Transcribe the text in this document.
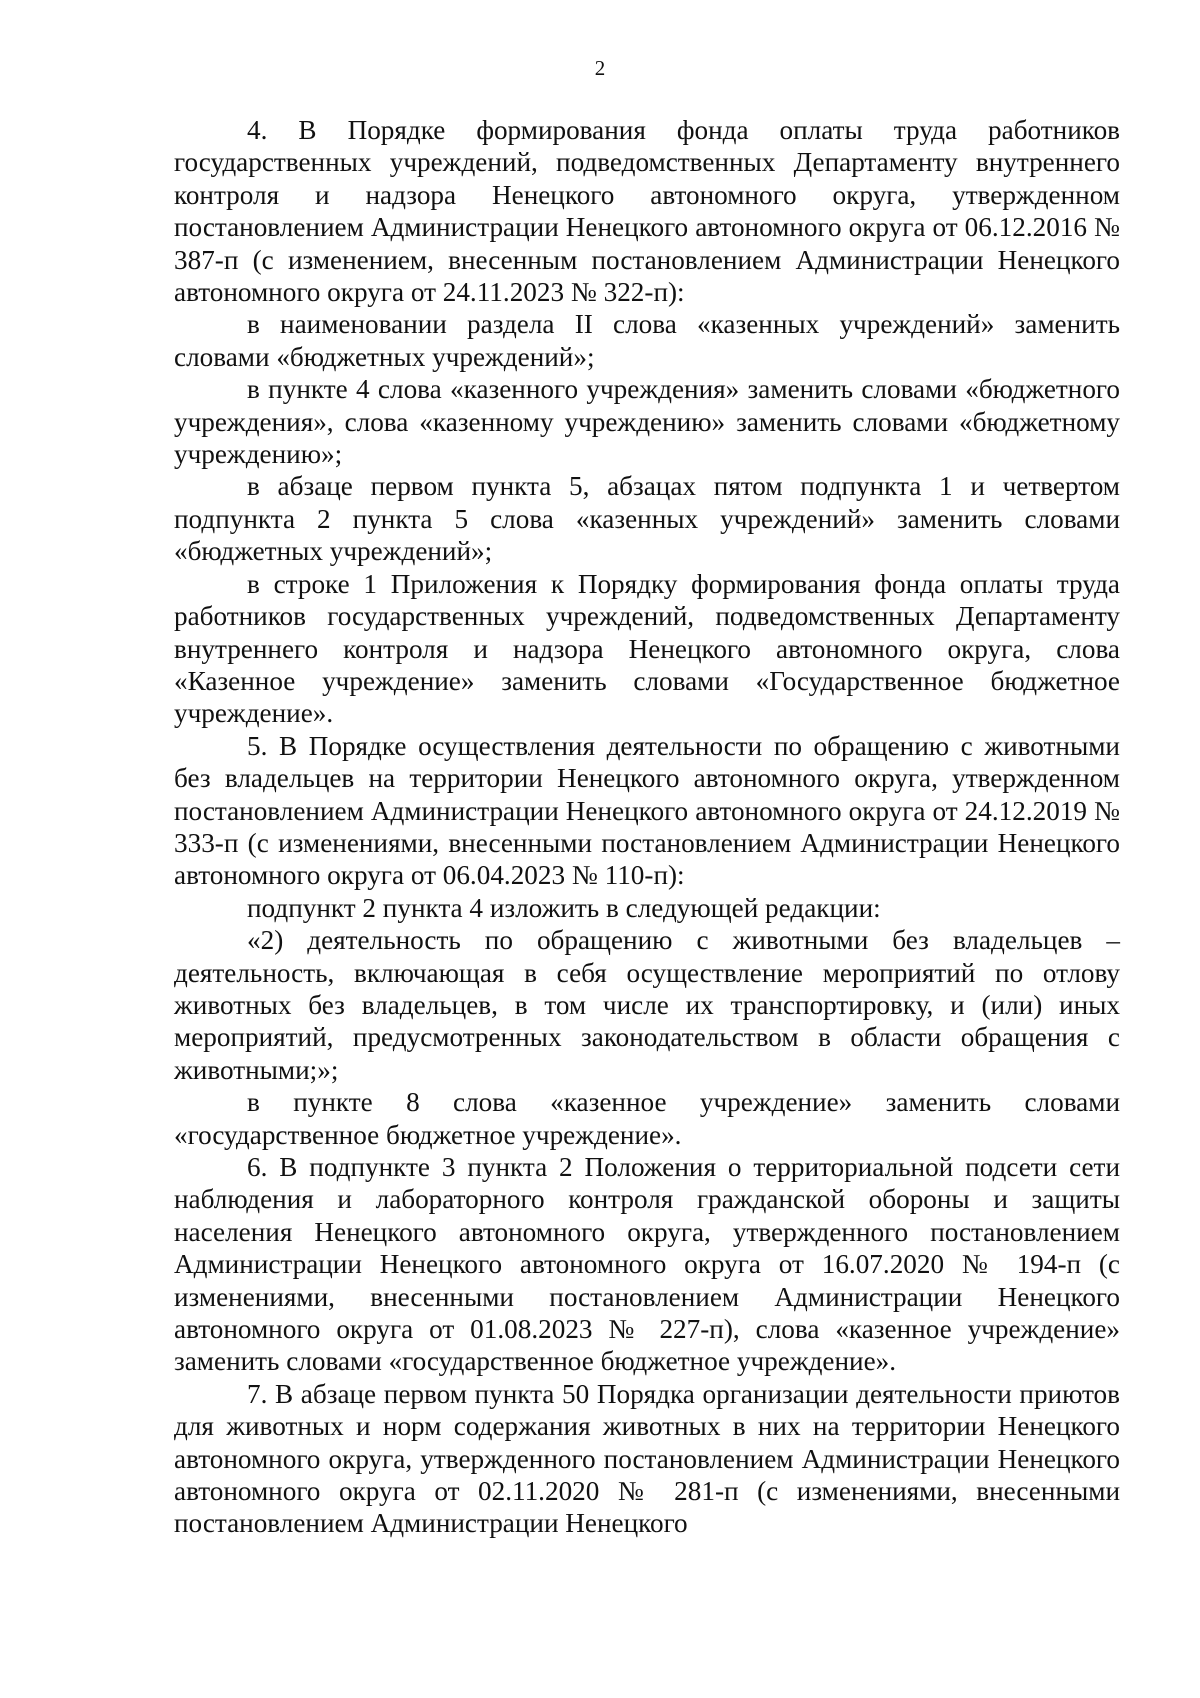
2

4. В Порядке формирования фонда оплаты труда работников государственных учреждений, подведомственных Департаменту внутреннего контроля и надзора Ненецкого автономного округа, утвержденном постановлением Администрации Ненецкого автономного округа от 06.12.2016 № 387-п (с изменением, внесенным постановлением Администрации Ненецкого автономного округа от 24.11.2023 № 322-п):

в наименовании раздела II слова «казенных учреждений» заменить словами «бюджетных учреждений»;

в пункте 4 слова «казенного учреждения» заменить словами «бюджетного учреждения», слова «казенному учреждению» заменить словами «бюджетному учреждению»;

в абзаце первом пункта 5, абзацах пятом подпункта 1 и четвертом подпункта 2 пункта 5 слова «казенных учреждений» заменить словами «бюджетных учреждений»;

в строке 1 Приложения к Порядку формирования фонда оплаты труда работников государственных учреждений, подведомственных Департаменту внутреннего контроля и надзора Ненецкого автономного округа, слова «Казенное учреждение» заменить словами «Государственное бюджетное учреждение».

5. В Порядке осуществления деятельности по обращению с животными без владельцев на территории Ненецкого автономного округа, утвержденном постановлением Администрации Ненецкого автономного округа от 24.12.2019 № 333-п (с изменениями, внесенными постановлением Администрации Ненецкого автономного округа от 06.04.2023 № 110-п):

подпункт 2 пункта 4 изложить в следующей редакции:

«2) деятельность по обращению с животными без владельцев – деятельность, включающая в себя осуществление мероприятий по отлову животных без владельцев, в том числе их транспортировку, и (или) иных мероприятий, предусмотренных законодательством в области обращения с животными;»;

в пункте 8 слова «казенное учреждение» заменить словами «государственное бюджетное учреждение».

6. В подпункте 3 пункта 2 Положения о территориальной подсети сети наблюдения и лабораторного контроля гражданской обороны и защиты населения Ненецкого автономного округа, утвержденного постановлением Администрации Ненецкого автономного округа от 16.07.2020 № 194-п (с изменениями, внесенными постановлением Администрации Ненецкого автономного округа от 01.08.2023 № 227-п), слова «казенное учреждение» заменить словами «государственное бюджетное учреждение».

7. В абзаце первом пункта 50 Порядка организации деятельности приютов для животных и норм содержания животных в них на территории Ненецкого автономного округа, утвержденного постановлением Администрации Ненецкого автономного округа от 02.11.2020 № 281-п (с изменениями, внесенными постановлением Администрации Ненецкого
